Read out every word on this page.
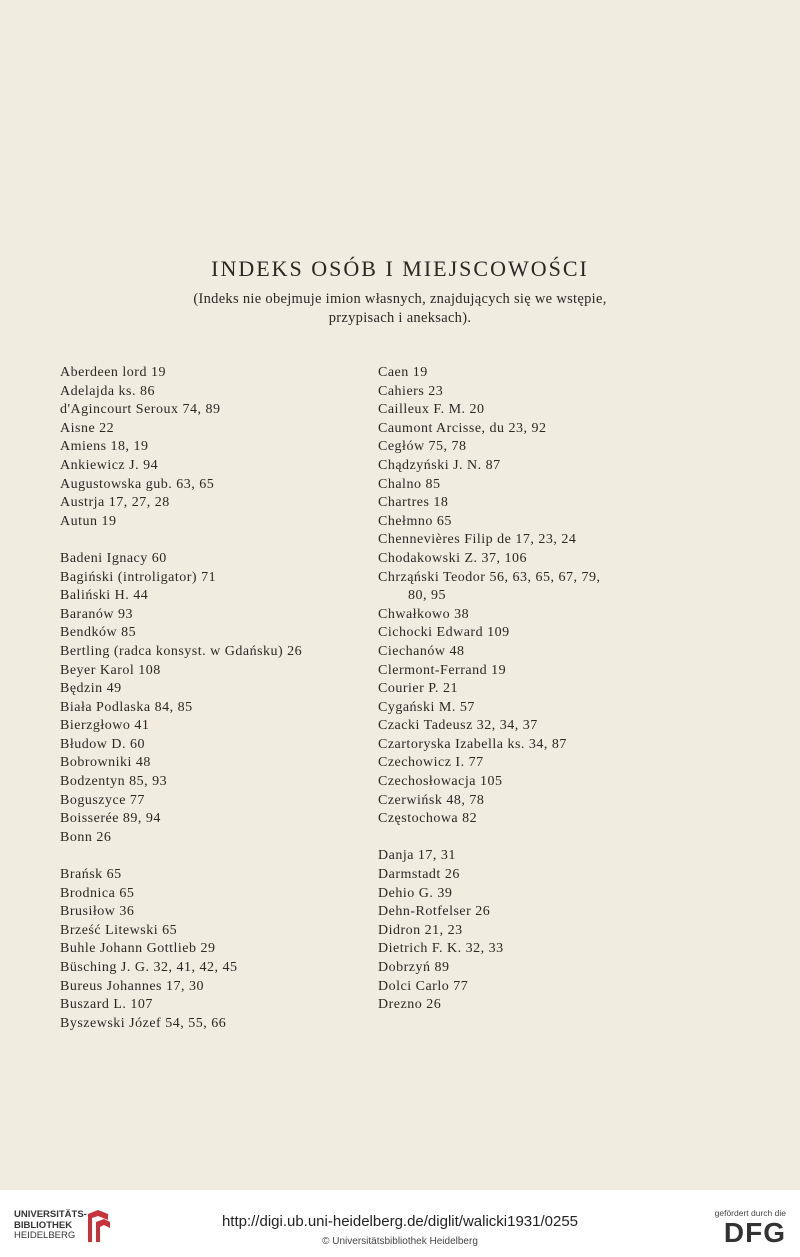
INDEKS OSÓB I MIEJSCOWOŚCI
(Indeks nie obejmuje imion własnych, znajdujących się we wstępie,
przypisach i aneksach).
Aberdeen lord 19
Adelajda ks. 86
d'Agincourt Seroux 74, 89
Aisne 22
Amiens 18, 19
Ankiewicz J. 94
Augustowska gub. 63, 65
Austrja 17, 27, 28
Autun 19
Badeni Ignacy 60
Bagiński (introligator) 71
Baliński H. 44
Baranów 93
Bendków 85
Bertling (radca konsyst. w Gdańsku) 26
Beyer Karol 108
Będzin 49
Biała Podlaska 84, 85
Bierzgłowo 41
Błudow D. 60
Bobrowniki 48
Bodzentyn 85, 93
Boguszyce 77
Boisserée 89, 94
Bonn 26
Brańsk 65
Brodnica 65
Brusiłow 36
Brześć Litewski 65
Buhle Johann Gottlieb 29
Büsching J. G. 32, 41, 42, 45
Bureus Johannes 17, 30
Buszard L. 107
Byszewski Józef 54, 55, 66
Caen 19
Cahiers 23
Cailleux F. M. 20
Caumont Arcisse, du 23, 92
Cegłów 75, 78
Chądzyński J. N. 87
Chalno 85
Chartres 18
Chełmno 65
Chennevières Filip de 17, 23, 24
Chodakowski Z. 37, 106
Chrząński Teodor 56, 63, 65, 67, 79,
80, 95
Chwałkowo 38
Cichocki Edward 109
Ciechanów 48
Clermont-Ferrand 19
Courier P. 21
Cygański M. 57
Czacki Tadeusz 32, 34, 37
Czartoryska Izabella ks. 34, 87
Czechowicz I. 77
Czechosłowacja 105
Czerwińsk 48, 78
Częstochowa 82
Danja 17, 31
Darmstadt 26
Dehio G. 39
Dehn-Rotfelser 26
Didron 21, 23
Dietrich F. K. 32, 33
Dobrzyń 89
Dolci Carlo 77
Drezno 26
UNIVERSITÄTS-
BIBLIOTHEK
HEIDELBERG
http://digi.ub.uni-heidelberg.de/diglit/walicki1931/0255
© Universitätsbibliothek Heidelberg
gefördert durch die
DFG
